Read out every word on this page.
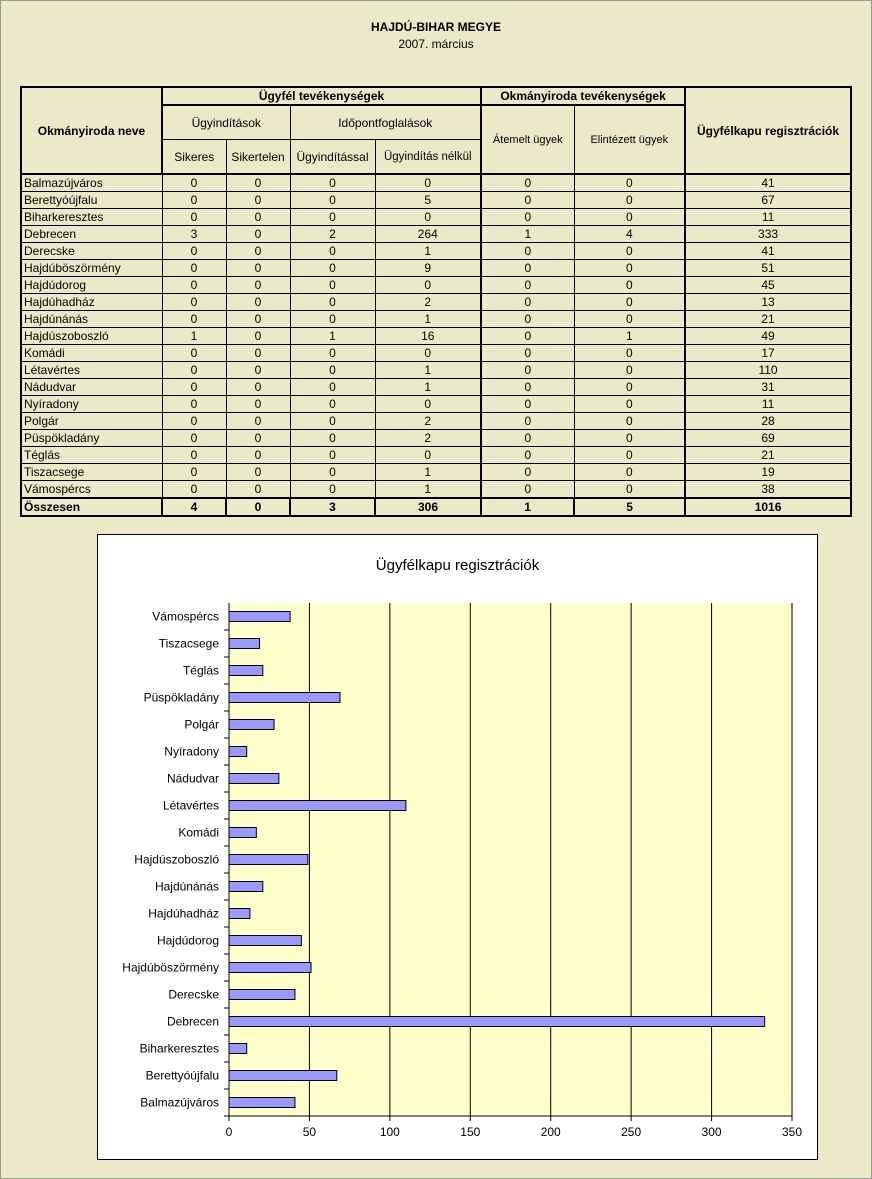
HAJDÚ-BIHAR MEGYE
2007. március
Okmányiroda neve	Ügyfél tevékenységek				Okmányiroda tevékenységek		Ügyfélkapu regisztrációk
	Ügyindítások		Időpontfoglalások		Átemelt ügyek	Elintézett ügyek	
	Sikeres	Sikertelen	Ügyindítással	Ügyindítás nélkül			
Balmazújváros	0	0	0	0	0	0	41
Berettyóújfalu	0	0	0	5	0	0	67
Biharkeresztes	0	0	0	0	0	0	11
Debrecen	3	0	2	264	1	4	333
Derecske	0	0	0	1	0	0	41
Hajdúböszörmény	0	0	0	9	0	0	51
Hajdúdorog	0	0	0	0	0	0	45
Hajdúhadház	0	0	0	2	0	0	13
Hajdúnánás	0	0	0	1	0	0	21
Hajdúszoboszló	1	0	1	16	0	1	49
Komádi	0	0	0	0	0	0	17
Létavértes	0	0	0	1	0	0	110
Nádudvar	0	0	0	1	0	0	31
Nyíradony	0	0	0	0	0	0	11
Polgár	0	0	0	2	0	0	28
Püspökladány	0	0	0	2	0	0	69
Téglás	0	0	0	0	0	0	21
Tiszacsege	0	0	0	1	0	0	19
Vámospércs	0	0	0	1	0	0	38
Összesen	4	0	3	306	1	5	1016
Ügyfélkapu regisztrációk
0	50	100	150	200	250	300	350
Balmazújváros
Berettyóújfalu
Biharkeresztes
Debrecen
Derecske
Hajdúböszörmény
Hajdúdorog
Hajdúhadház
Hajdúnánás
Hajdúszoboszló
Komádi
Létavértes
Nádudvar
Nyíradony
Polgár
Püspökladány
Téglás
Tiszacsege
Vámospércs
